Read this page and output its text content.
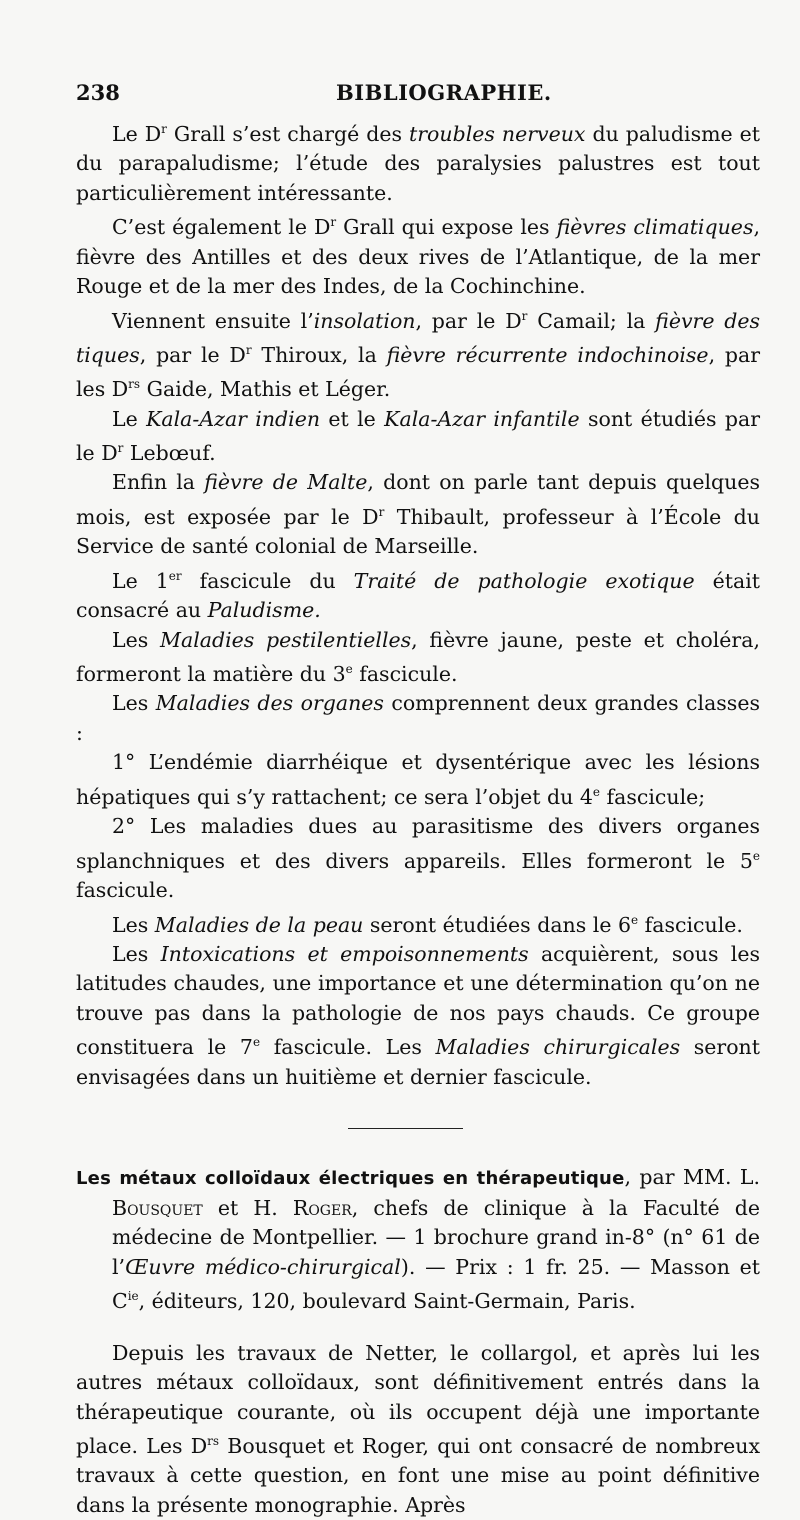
238	BIBLIOGRAPHIE.

Le $D^r$ Grall s’est chargé des troubles nerveux du paludisme et du parapaludisme; l’étude des paralysies palustres est tout particulièrement intéressante.

C’est également le $D^r$ Grall qui expose les fièvres climatiques, fièvre des Antilles et des deux rives de l’Atlantique, de la mer Rouge et de la mer des Indes, de la Cochinchine.

Viennent ensuite l’insolation, par le $D^r$ Camail; la fièvre des tiques, par le $D^r$ Thiroux, la fièvre récurrente indochinoise, par les $D^{rs}$ Gaide, Mathis et Léger.

Le Kala-Azar indien et le Kala-Azar infantile sont étudiés par le $D^r$ Lebœuf.

Enfin la fièvre de Malte, dont on parle tant depuis quelques mois, est exposée par le $D^r$ Thibault, professeur à l’École du Service de santé colonial de Marseille.

Le 1er fascicule du Traité de pathologie exotique était consacré au Paludisme.

Les Maladies pestilentielles, fièvre jaune, peste et choléra, formeront la matière du 3e fascicule.

Les Maladies des organes comprennent deux grandes classes :

1° L’endémie diarrhéique et dysentérique avec les lésions hépatiques qui s’y rattachent; ce sera l’objet du 4e fascicule;

2° Les maladies dues au parasitisme des divers organes splanchniques et des divers appareils. Elles formeront le 5e fascicule.

Les Maladies de la peau seront étudiées dans le 6e fascicule.

Les Intoxications et empoisonnements acquièrent, sous les latitudes chaudes, une importance et une détermination qu’on ne trouve pas dans la pathologie de nos pays chauds. Ce groupe constituera le 7e fascicule. Les Maladies chirurgicales seront envisagées dans un huitième et dernier fascicule.

Les métaux colloïdaux électriques en thérapeutique, par MM. L. Bousquet et H. Roger, chefs de clinique à la Faculté de médecine de Montpellier. — 1 brochure grand in-8° (n° 61 de l’Œuvre médico-chirurgical). — Prix : 1 fr. 25. — Masson et $C^{ie}$, éditeurs, 120, boulevard Saint-Germain, Paris.

Depuis les travaux de Netter, le collargol, et après lui les autres métaux colloïdaux, sont définitivement entrés dans la thérapeutique courante, où ils occupent déjà une importante place. Les $D^{rs}$ Bousquet et Roger, qui ont consacré de nombreux travaux à cette question, en font une mise au point définitive dans la présente monographie. Après
